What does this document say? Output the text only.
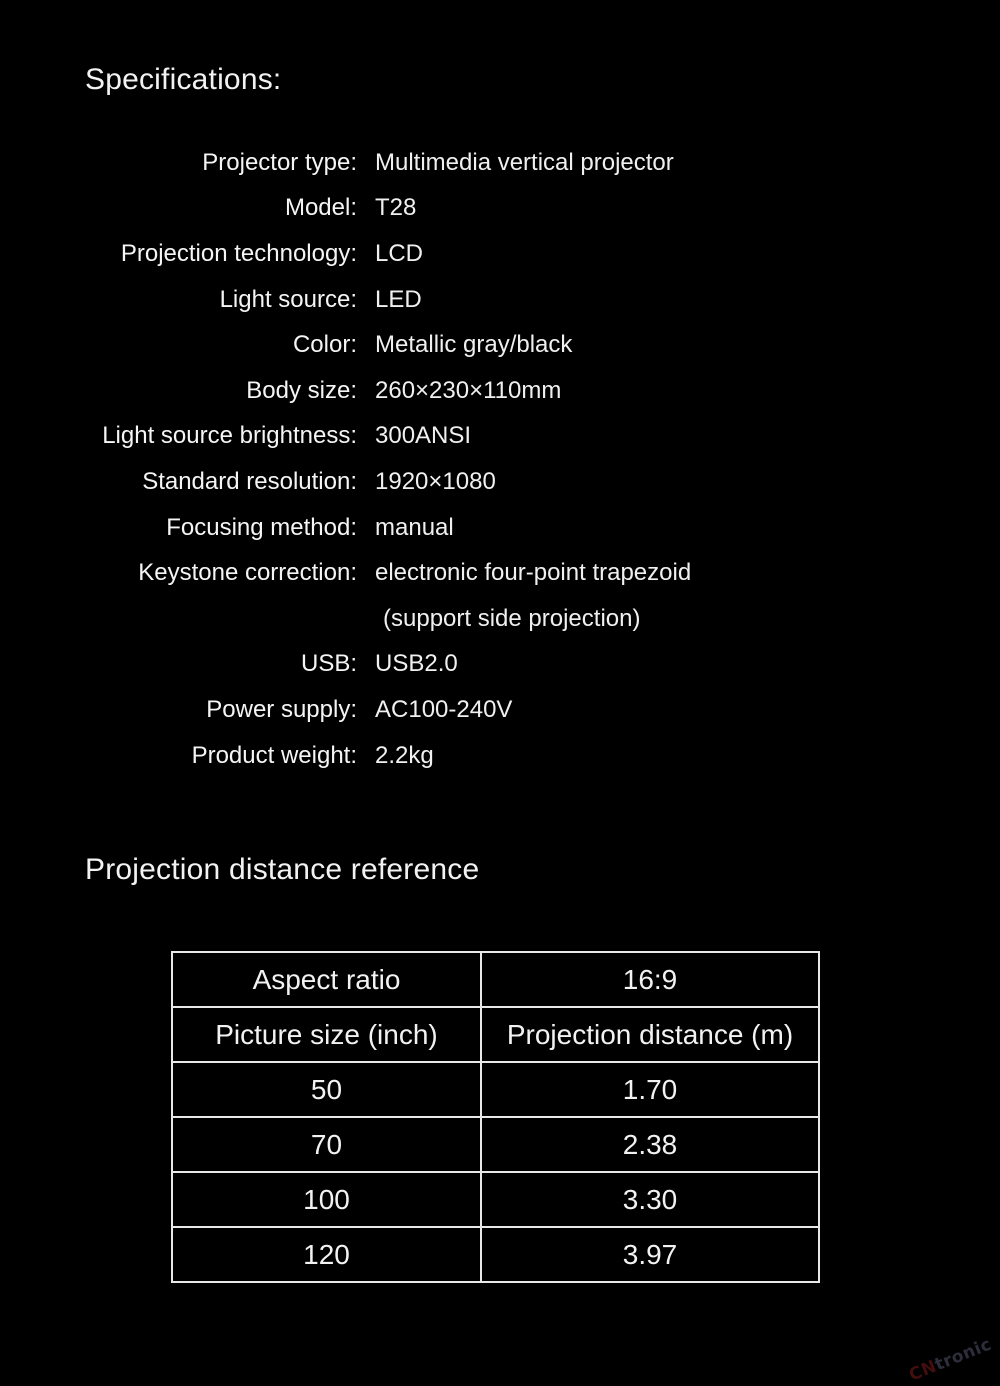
Specifications:
Projector type: Multimedia vertical projector
Model: T28
Projection technology: LCD
Light source: LED
Color: Metallic gray/black
Body size: 260×230×110mm
Light source brightness: 300ANSI
Standard resolution: 1920×1080
Focusing method: manual
Keystone correction: electronic four-point trapezoid
(support side projection)
USB: USB2.0
Power supply: AC100-240V
Product weight: 2.2kg
Projection distance reference
Aspect ratio	16:9
Picture size (inch)	Projection distance (m)
50	1.70
70	2.38
100	3.30
120	3.97
CNtronic
